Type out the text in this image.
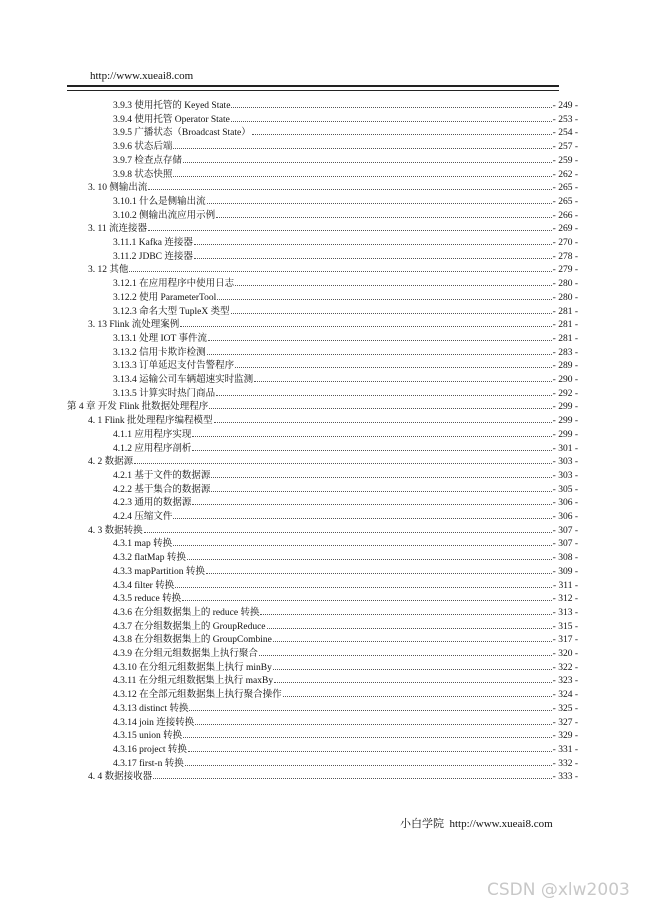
http://www.xueai8.com
3.9.3 使用托管的 Keyed State	- 249 -
3.9.4 使用托管 Operator State	- 253 -
3.9.5 广播状态（Broadcast State）	- 254 -
3.9.6 状态后端	- 257 -
3.9.7 检查点存储	- 259 -
3.9.8 状态快照	- 262 -
3. 10 侧输出流	- 265 -
3.10.1 什么是侧输出流	- 265 -
3.10.2 侧输出流应用示例	- 266 -
3. 11 流连接器	- 269 -
3.11.1 Kafka 连接器	- 270 -
3.11.2 JDBC 连接器	- 278 -
3. 12 其他	- 279 -
3.12.1 在应用程序中使用日志	- 280 -
3.12.2 使用 ParameterTool	- 280 -
3.12.3 命名大型 TupleX 类型	- 281 -
3. 13 Flink 流处理案例	- 281 -
3.13.1 处理 IOT 事件流	- 281 -
3.13.2 信用卡欺诈检测	- 283 -
3.13.3 订单延迟支付告警程序	- 289 -
3.13.4 运输公司车辆超速实时监测	- 290 -
3.13.5 计算实时热门商品	- 292 -
第 4 章 开发 Flink 批数据处理程序	- 299 -
4. 1 Flink 批处理程序编程模型	- 299 -
4.1.1 应用程序实现	- 299 -
4.1.2 应用程序剖析	- 301 -
4. 2 数据源	- 303 -
4.2.1 基于文件的数据源	- 303 -
4.2.2 基于集合的数据源	- 305 -
4.2.3 通用的数据源	- 306 -
4.2.4 压缩文件	- 306 -
4. 3 数据转换	- 307 -
4.3.1 map 转换	- 307 -
4.3.2 flatMap 转换	- 308 -
4.3.3 mapPartition 转换	- 309 -
4.3.4 filter 转换	- 311 -
4.3.5 reduce 转换	- 312 -
4.3.6 在分组数据集上的 reduce 转换	- 313 -
4.3.7 在分组数据集上的 GroupReduce	- 315 -
4.3.8 在分组数据集上的 GroupCombine	- 317 -
4.3.9 在分组元组数据集上执行聚合	- 320 -
4.3.10 在分组元组数据集上执行 minBy	- 322 -
4.3.11 在分组元组数据集上执行 maxBy	- 323 -
4.3.12 在全部元组数据集上执行聚合操作	- 324 -
4.3.13 distinct 转换	- 325 -
4.3.14 join 连接转换	- 327 -
4.3.15 union 转换	- 329 -
4.3.16 project 转换	- 331 -
4.3.17 first-n 转换	- 332 -
4. 4 数据接收器	- 333 -
小白学院 http://www.xueai8.com
CSDN @xlw2003
